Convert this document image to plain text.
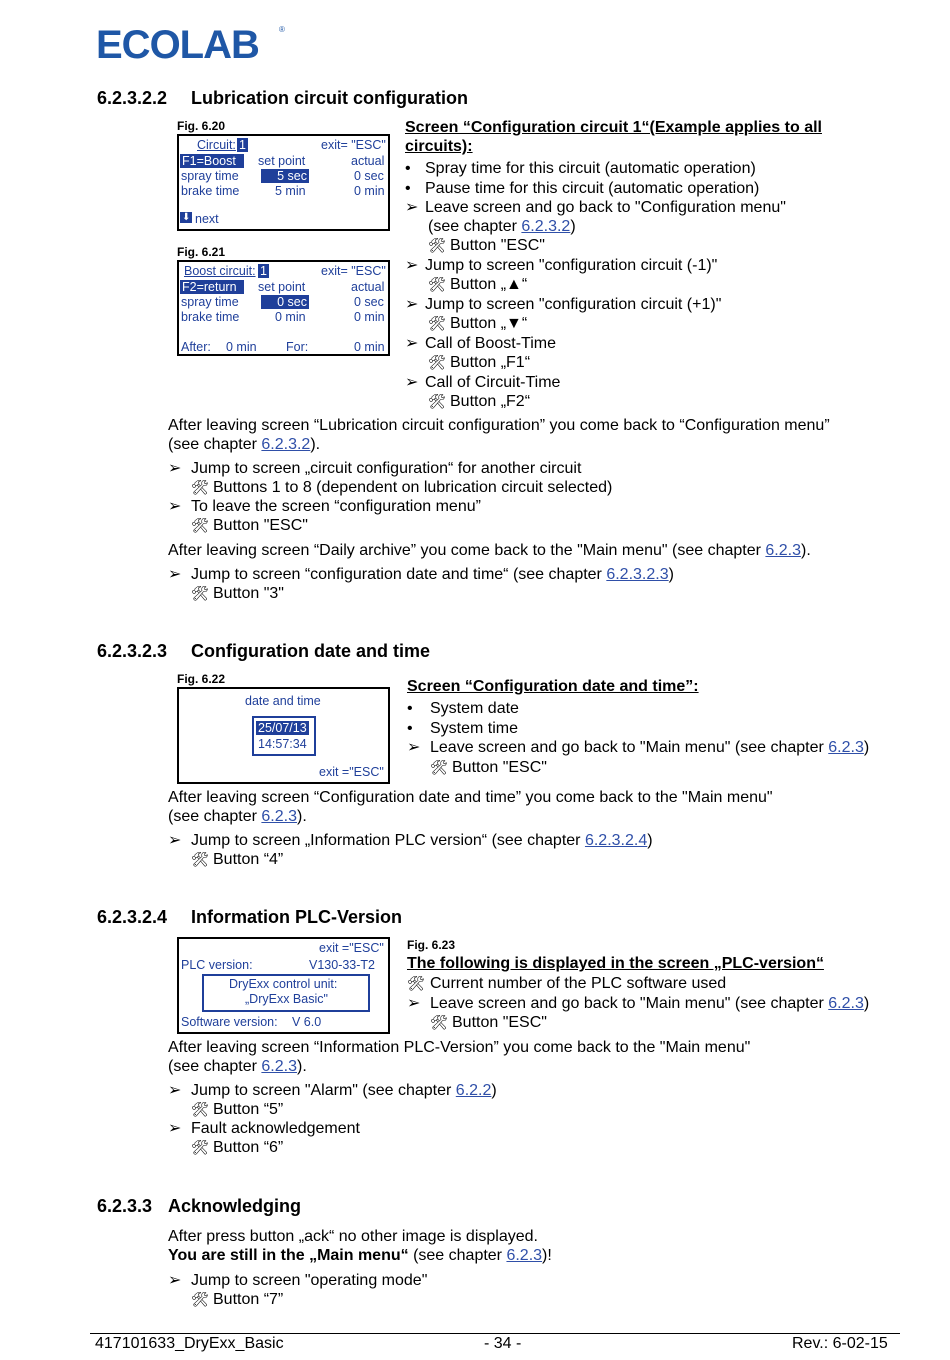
ECOLAB	®
6.2.3.2.2 Lubrication circuit configuration
Fig. 6.20
Circuit: 1	exit= "ESC"
F1=Boost	set point	actual
spray time	5 sec	0 sec
brake time	5 min	0 min
⬇ next
Fig. 6.21
Boost circuit: 1	exit= "ESC"
F2=return	set point	actual
spray time	0 sec	0 sec
brake time	0 min	0 min
After: 0 min For:	0 min
Screen “Configuration circuit 1“(Example applies to all
circuits):
• Spray time for this circuit (automatic operation)
• Pause time for this circuit (automatic operation)
➢ Leave screen and go back to "Configuration menu"
(see chapter 6.2.3.2)
🛠 Button "ESC"
➢ Jump to screen "configuration circuit (-1)"
🛠 Button „▲“
➢ Jump to screen "configuration circuit (+1)"
🛠 Button „▼“
➢ Call of Boost-Time
🛠 Button „F1“
➢ Call of Circuit-Time
🛠 Button „F2“
After leaving screen “Lubrication circuit configuration” you come back to “Configuration menu”
(see chapter 6.2.3.2).
➢ Jump to screen „circuit configuration“ for another circuit
🛠 Buttons 1 to 8 (dependent on lubrication circuit selected)
➢ To leave the screen “configuration menu”
🛠 Button "ESC"
After leaving screen “Daily archive” you come back to the "Main menu" (see chapter 6.2.3).
➢ Jump to screen “configuration date and time“ (see chapter 6.2.3.2.3)
🛠 Button "3"
6.2.3.2.3 Configuration date and time
Fig. 6.22
date and time
25/07/13
14:57:34
exit ="ESC"
Screen “Configuration date and time”:
• System date
• System time
➢ Leave screen and go back to "Main menu" (see chapter 6.2.3)
🛠 Button "ESC"
After leaving screen “Configuration date and time” you come back to the "Main menu"
(see chapter 6.2.3).
➢ Jump to screen „Information PLC version“ (see chapter 6.2.3.2.4)
🛠 Button “4”
6.2.3.2.4 Information PLC-Version
exit ="ESC"
PLC version:	V130-33-T2
DryExx control unit:
„DryExx Basic"
Software version: V 6.0
Fig. 6.23
The following is displayed in the screen „PLC-version“
🛠 Current number of the PLC software used
➢ Leave screen and go back to "Main menu" (see chapter 6.2.3)
🛠 Button "ESC"
After leaving screen “Information PLC-Version” you come back to the "Main menu"
(see chapter 6.2.3).
➢ Jump to screen "Alarm" (see chapter 6.2.2)
🛠 Button “5”
➢ Fault acknowledgement
🛠 Button “6”
6.2.3.3 Acknowledging
After press button „ack“ no other image is displayed.
You are still in the „Main menu“ (see chapter 6.2.3)!
➢ Jump to screen "operating mode"
🛠 Button “7”
417101633_DryExx_Basic	- 34 -	Rev.: 6-02-15
